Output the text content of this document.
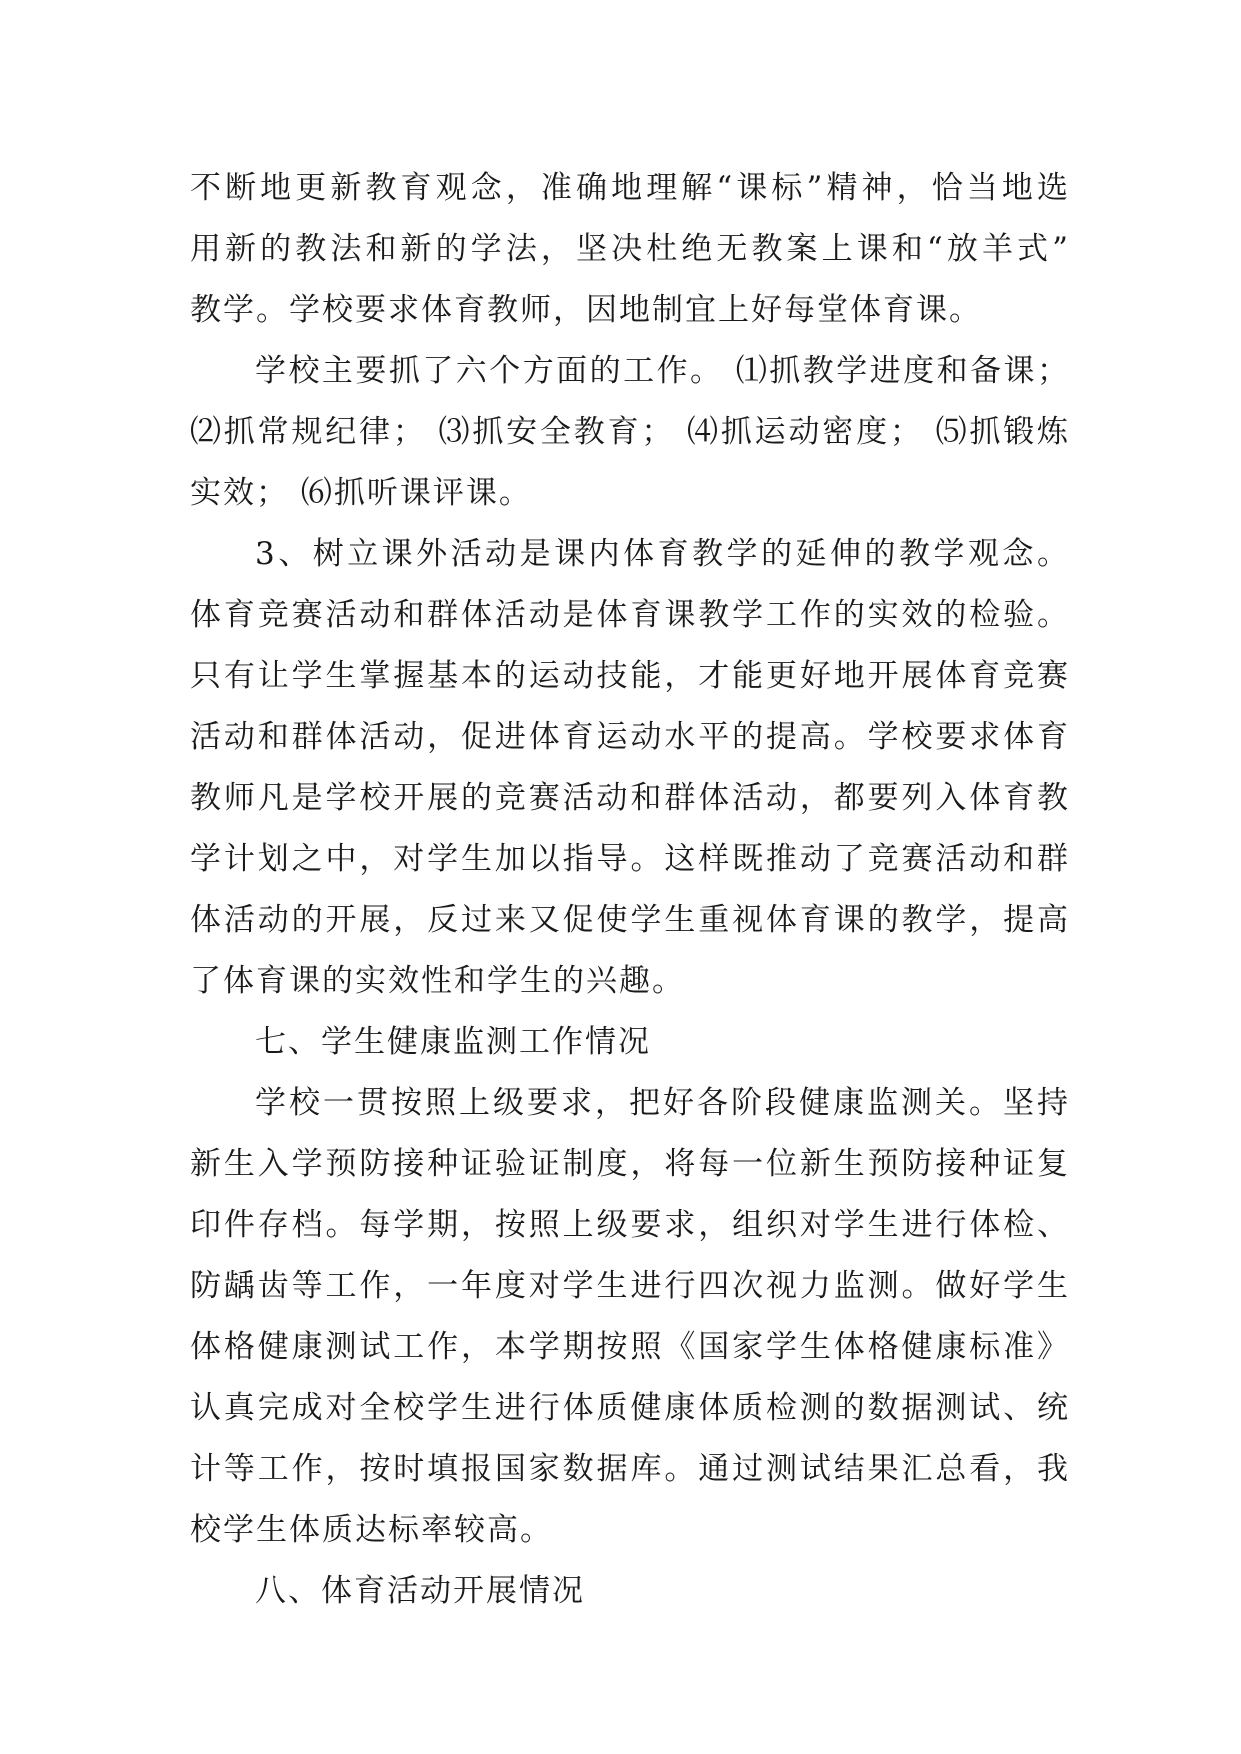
不断地更新教育观念，准确地理解“课标”精神，恰当地选
用新的教法和新的学法，坚决杜绝无教案上课和“放羊式”
教学。学校要求体育教师，因地制宜上好每堂体育课。
学校主要抓了六个方面的工作。 ⑴抓教学进度和备课；
⑵抓常规纪律； ⑶抓安全教育； ⑷抓运动密度； ⑸抓锻炼
实效； ⑹抓听课评课。
3、树立课外活动是课内体育教学的延伸的教学观念。
体育竞赛活动和群体活动是体育课教学工作的实效的检验。
只有让学生掌握基本的运动技能，才能更好地开展体育竞赛
活动和群体活动，促进体育运动水平的提高。学校要求体育
教师凡是学校开展的竞赛活动和群体活动，都要列入体育教
学计划之中，对学生加以指导。这样既推动了竞赛活动和群
体活动的开展，反过来又促使学生重视体育课的教学，提高
了体育课的实效性和学生的兴趣。
七、学生健康监测工作情况
学校一贯按照上级要求，把好各阶段健康监测关。坚持
新生入学预防接种证验证制度，将每一位新生预防接种证复
印件存档。每学期，按照上级要求，组织对学生进行体检、
防龋齿等工作，一年度对学生进行四次视力监测。做好学生
体格健康测试工作，本学期按照《国家学生体格健康标准》
认真完成对全校学生进行体质健康体质检测的数据测试、统
计等工作，按时填报国家数据库。通过测试结果汇总看，我
校学生体质达标率较高。
八、体育活动开展情况
